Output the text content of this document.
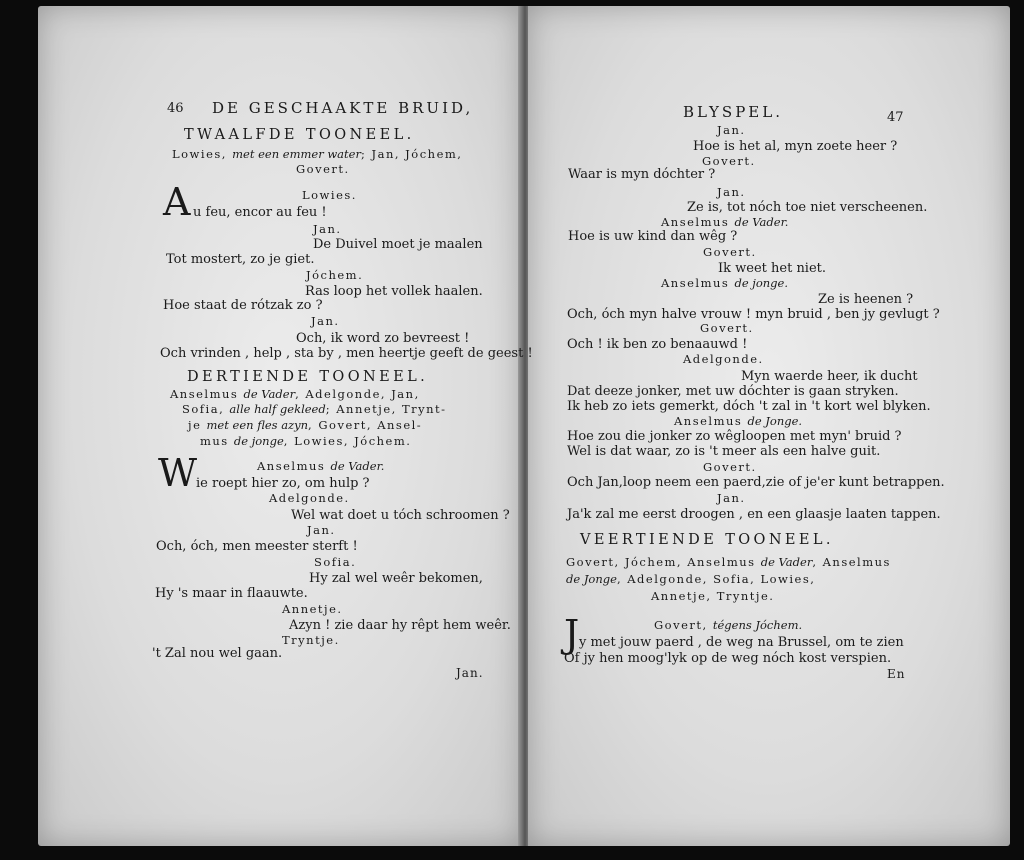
46 DE GESCHAAKTE BRUID,
TWAALFDE TOONEEL.
Lowies, met een emmer water; Jan, Jóchem,
Govert.
Lowies.
A u feu, encor au feu !
Jan.
De Duivel moet je maalen
Tot mostert, zo je giet.
Jóchem.
Ras loop het vollek haalen.
Hoe staat de rótzak zo ?
Jan.
Och, ik word zo bevreest !
Och vrinden , help , sta by , men heertje geeft de geest !
DERTIENDE TOONEEL.
Anselmus de Vader, Adelgonde, Jan,
Sofia, alle half gekleed; Annetje, Trynt-
je met een fles azyn, Govert, Ansel-
mus de jonge, Lowies, Jóchem.
Anselmus de Vader.
W
ie roept hier zo, om hulp ?
Adelgonde.
Wel wat doet u tóch schroomen ?
Jan.
Och, óch, men meester sterft !
Sofia.
Hy zal wel weêr bekomen,
Hy 's maar in flaauwte.
Annetje.
Azyn ! zie daar hy rêpt hem weêr.
Tryntje.
't Zal nou wel gaan.
Jan.
BLYSPEL.	47
Jan.
Hoe is het al, myn zoete heer ?
Govert.
Waar is myn dóchter ?
Jan.
Ze is, tot nóch toe niet verscheenen.
Anselmus de Vader.
Hoe is uw kind dan wêg ?
Govert.
Ik weet het niet.
Anselmus de jonge.
Ze is heenen ?
Och, óch myn halve vrouw ! myn bruid , ben jy gevlugt ?
Govert.
Och ! ik ben zo benaauwd !
Adelgonde.
Myn waerde heer, ik ducht
Dat deeze jonker, met uw dóchter is gaan stryken.
Ik heb zo iets gemerkt, dóch 't zal in 't kort wel blyken.
Anselmus de Jonge.
Hoe zou die jonker zo wêgloopen met myn' bruid ?
Wel is dat waar, zo is 't meer als een halve guit.
Govert.
Och Jan,loop neem een paerd,zie of je'er kunt betrappen.
Jan.
Ja'k zal me eerst droogen , en een glaasje laaten tappen.
VEERTIENDE TOONEEL.
Govert, Jóchem, Anselmus de Vader, Anselmus
de Jonge, Adelgonde, Sofia, Lowies,
Annetje, Tryntje.
Govert, tégens Jóchem.
J y met jouw paerd , de weg na Brussel, om te zien
Of jy hen moog'lyk op de weg nóch kost verspien.
En
